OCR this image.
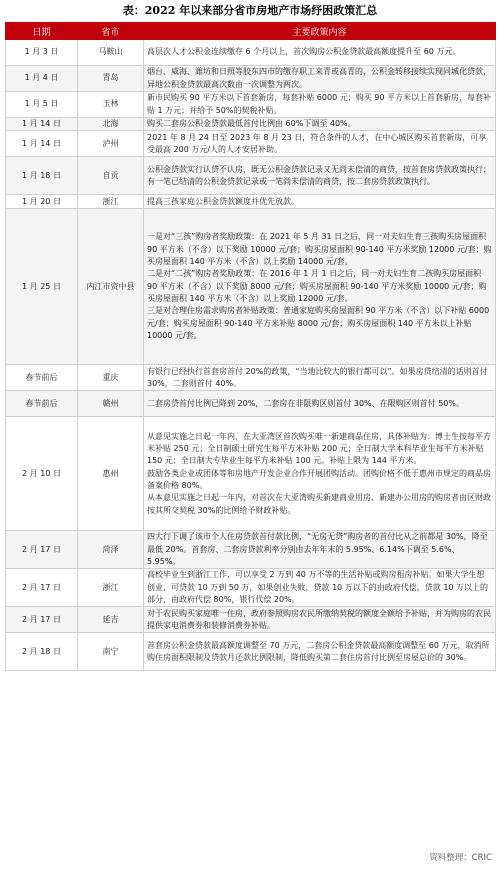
表：2022 年以来部分省市房地产市场纾困政策汇总
日期	省市	主要政策内容
1 月 3 日	马鞍山	高层次人才公积金连续缴存 6 个月以上，首次购房公积金贷款最高额度提升至 60 万元。
1 月 4 日	青岛	烟台、威海、潍坊和日照等胶东四市的缴存职工来青或高青的，公积金转移接续实现同城化贷款，异地公积金贷款最高次数由一次调整为两次。
1 月 5 日	玉林	新市民购买 90 平方米以下首套新房，每套补贴 6000 元；购买 90 平方米以上首套新房，每套补贴 1 万元；并给予 50%的契税补贴。
1 月 14 日	北海	购买二套房公积金贷款最低首付比例由 60%下调至 40%。
1 月 14 日	泸州	2021 年 8 月 24 日至 2023 年 8 月 23 日，符合条件的人才，在中心城区购买首套新房，可享受最高 200 万元/人的人才安居补助。
1 月 18 日	自贡	公积金贷款实行认贷不认房，既无公积金贷款记录又无尚未偿清的商贷，按首套房贷款政策执行；有一笔已结清的公积金贷款记录或一笔尚未偿清的商贷，按二套房贷款政策执行。
1 月 20 日	浙江	提高三孩家庭公积金贷款额度并优先放款。
1 月 25 日	内江市资中县	一是对“三孩”购房者奖励政策：在 2021 年 5 月 31 日之后，同一对夫妇生育三孩购买房屋面积 90 平方米（不含）以下奖励 10000 元/套；购买房屋面积 90-140 平方米奖励 12000 元/套；购买房屋面积 140 平方米（不含）以上奖励 14000 元/套。
二是对“二孩”购房者奖励政策：在 2016 年 1 月 1 日之后，同一对夫妇生育二孩购买房屋面积 90 平方米（不含）以下奖励 8000 元/套；购买房屋面积 90-140 平方米奖励 10000 元/套；购买房屋面积 140 平方米（不含）以上奖励 12000 元/套。
三是对合理住房需求购房者补贴政策：普通家庭购买房屋面积 90 平方米（不含）以下补贴 6000 元/套；购买房屋面积 90-140 平方米补贴 8000 元/套；购买房屋面积 140 平方米以上补贴 10000 元/套。
春节前后	重庆	有银行已经执行首套房首付 20%的政策，“当地比较大的银行都可以”。如果房贷结清的话则首付 30%，二套则首付 40%。
春节前后	赣州	二套房贷首付比例已降到 20%，二套房在非限购区则首付 30%、在限购区则首付 50%。
2 月 10 日	惠州	从意见实施之日起一年内，在大亚湾区首次购买唯一新建商品住房，具体补贴为：博士生按每平方米补贴 250 元；全日制硕士研究生每平方米补贴 200 元；全日制大学本科毕业生每平方米补贴 150 元；全日制大专毕业生每平方米补贴 100 元。补贴上限为 144 平方米。
鼓励各类企业或团体等和房地产开发企业合作开展团购活动。团购价格不低于惠州市规定的商品房备案价格 80%。
从本意见实施之日起一年内，对首次在大亚湾购买新建商业用房、新建办公用房的购房者由区财政按其所交契税 30%的比例给予财政补贴。
2 月 17 日	菏泽	四大行下调了该市个人住房贷款首付款比例，“无房无贷”购房者的首付比从之前都是 30%，降至最低 20%。首套房、二套房贷款利率分别由去年年末的 5.95%、6.14%下调至 5.6%、5.95%。
2 月 17 日	浙江	高校毕业生到浙江工作，可以享受 2 万到 40 万不等的生活补贴或购房租房补贴。如果大学生想创业，可贷款 10 万到 50 万，如果创业失败，贷款 10 万以下的由政府代偿，贷款 10 万以上的部分，由政府代偿 80%，银行代偿 20%。
2 月 17 日	延吉	对于农民购买家庭唯一住房，政府参照购房农民所缴纳契税的额度全额给予补贴，并为购房的农民提供家电消费券和装修消费券补贴。
2 月 18 日	南宁	首套房公积金贷款最高额度调整至 70 万元，二套房公积金贷款最高额度调整至 60 万元，取消所购住房面积限制及贷款月还款比例限制，降低购买第二套住房首付比例至房屋总价的 30%。
资料整理：CRIC
